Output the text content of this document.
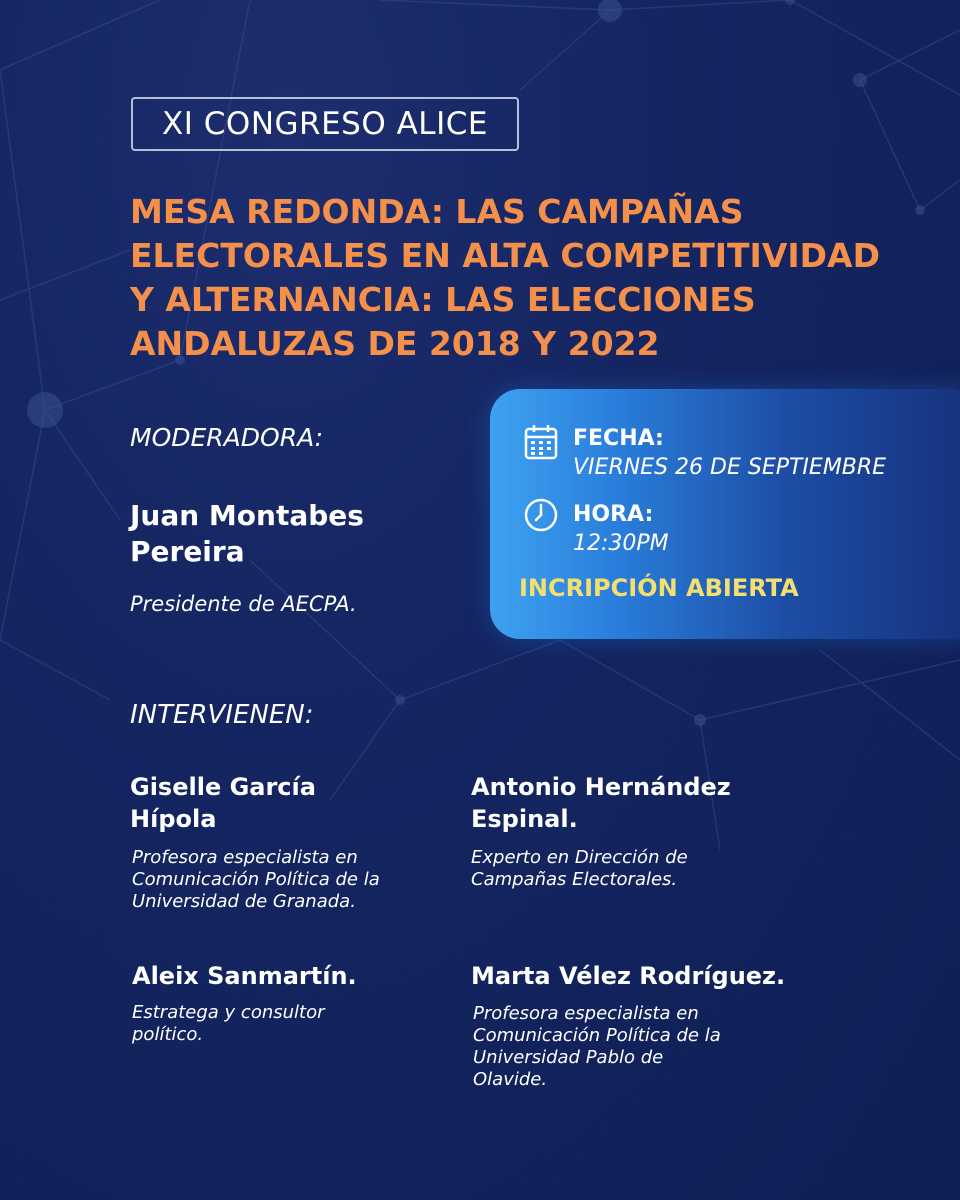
XI CONGRESO ALICE
MESA REDONDA: LAS CAMPAÑAS
ELECTORALES EN ALTA COMPETITIVIDAD
Y ALTERNANCIA: LAS ELECCIONES
ANDALUZAS DE 2018 Y 2022
MODERADORA:
Juan Montabes
Pereira
Presidente de AECPA.
FECHA:
VIERNES 26 DE SEPTIEMBRE
HORA:
12:30PM
INCRIPCIÓN ABIERTA
INTERVIENEN:
Giselle García
Hípola
Profesora especialista en
Comunicación Política de la
Universidad de Granada.
Antonio Hernández
Espinal.
Experto en Dirección de
Campañas Electorales.
Aleix Sanmartín.
Estratega y consultor
político.
Marta Vélez Rodríguez.
Profesora especialista en
Comunicación Política de la
Universidad Pablo de
Olavide.
